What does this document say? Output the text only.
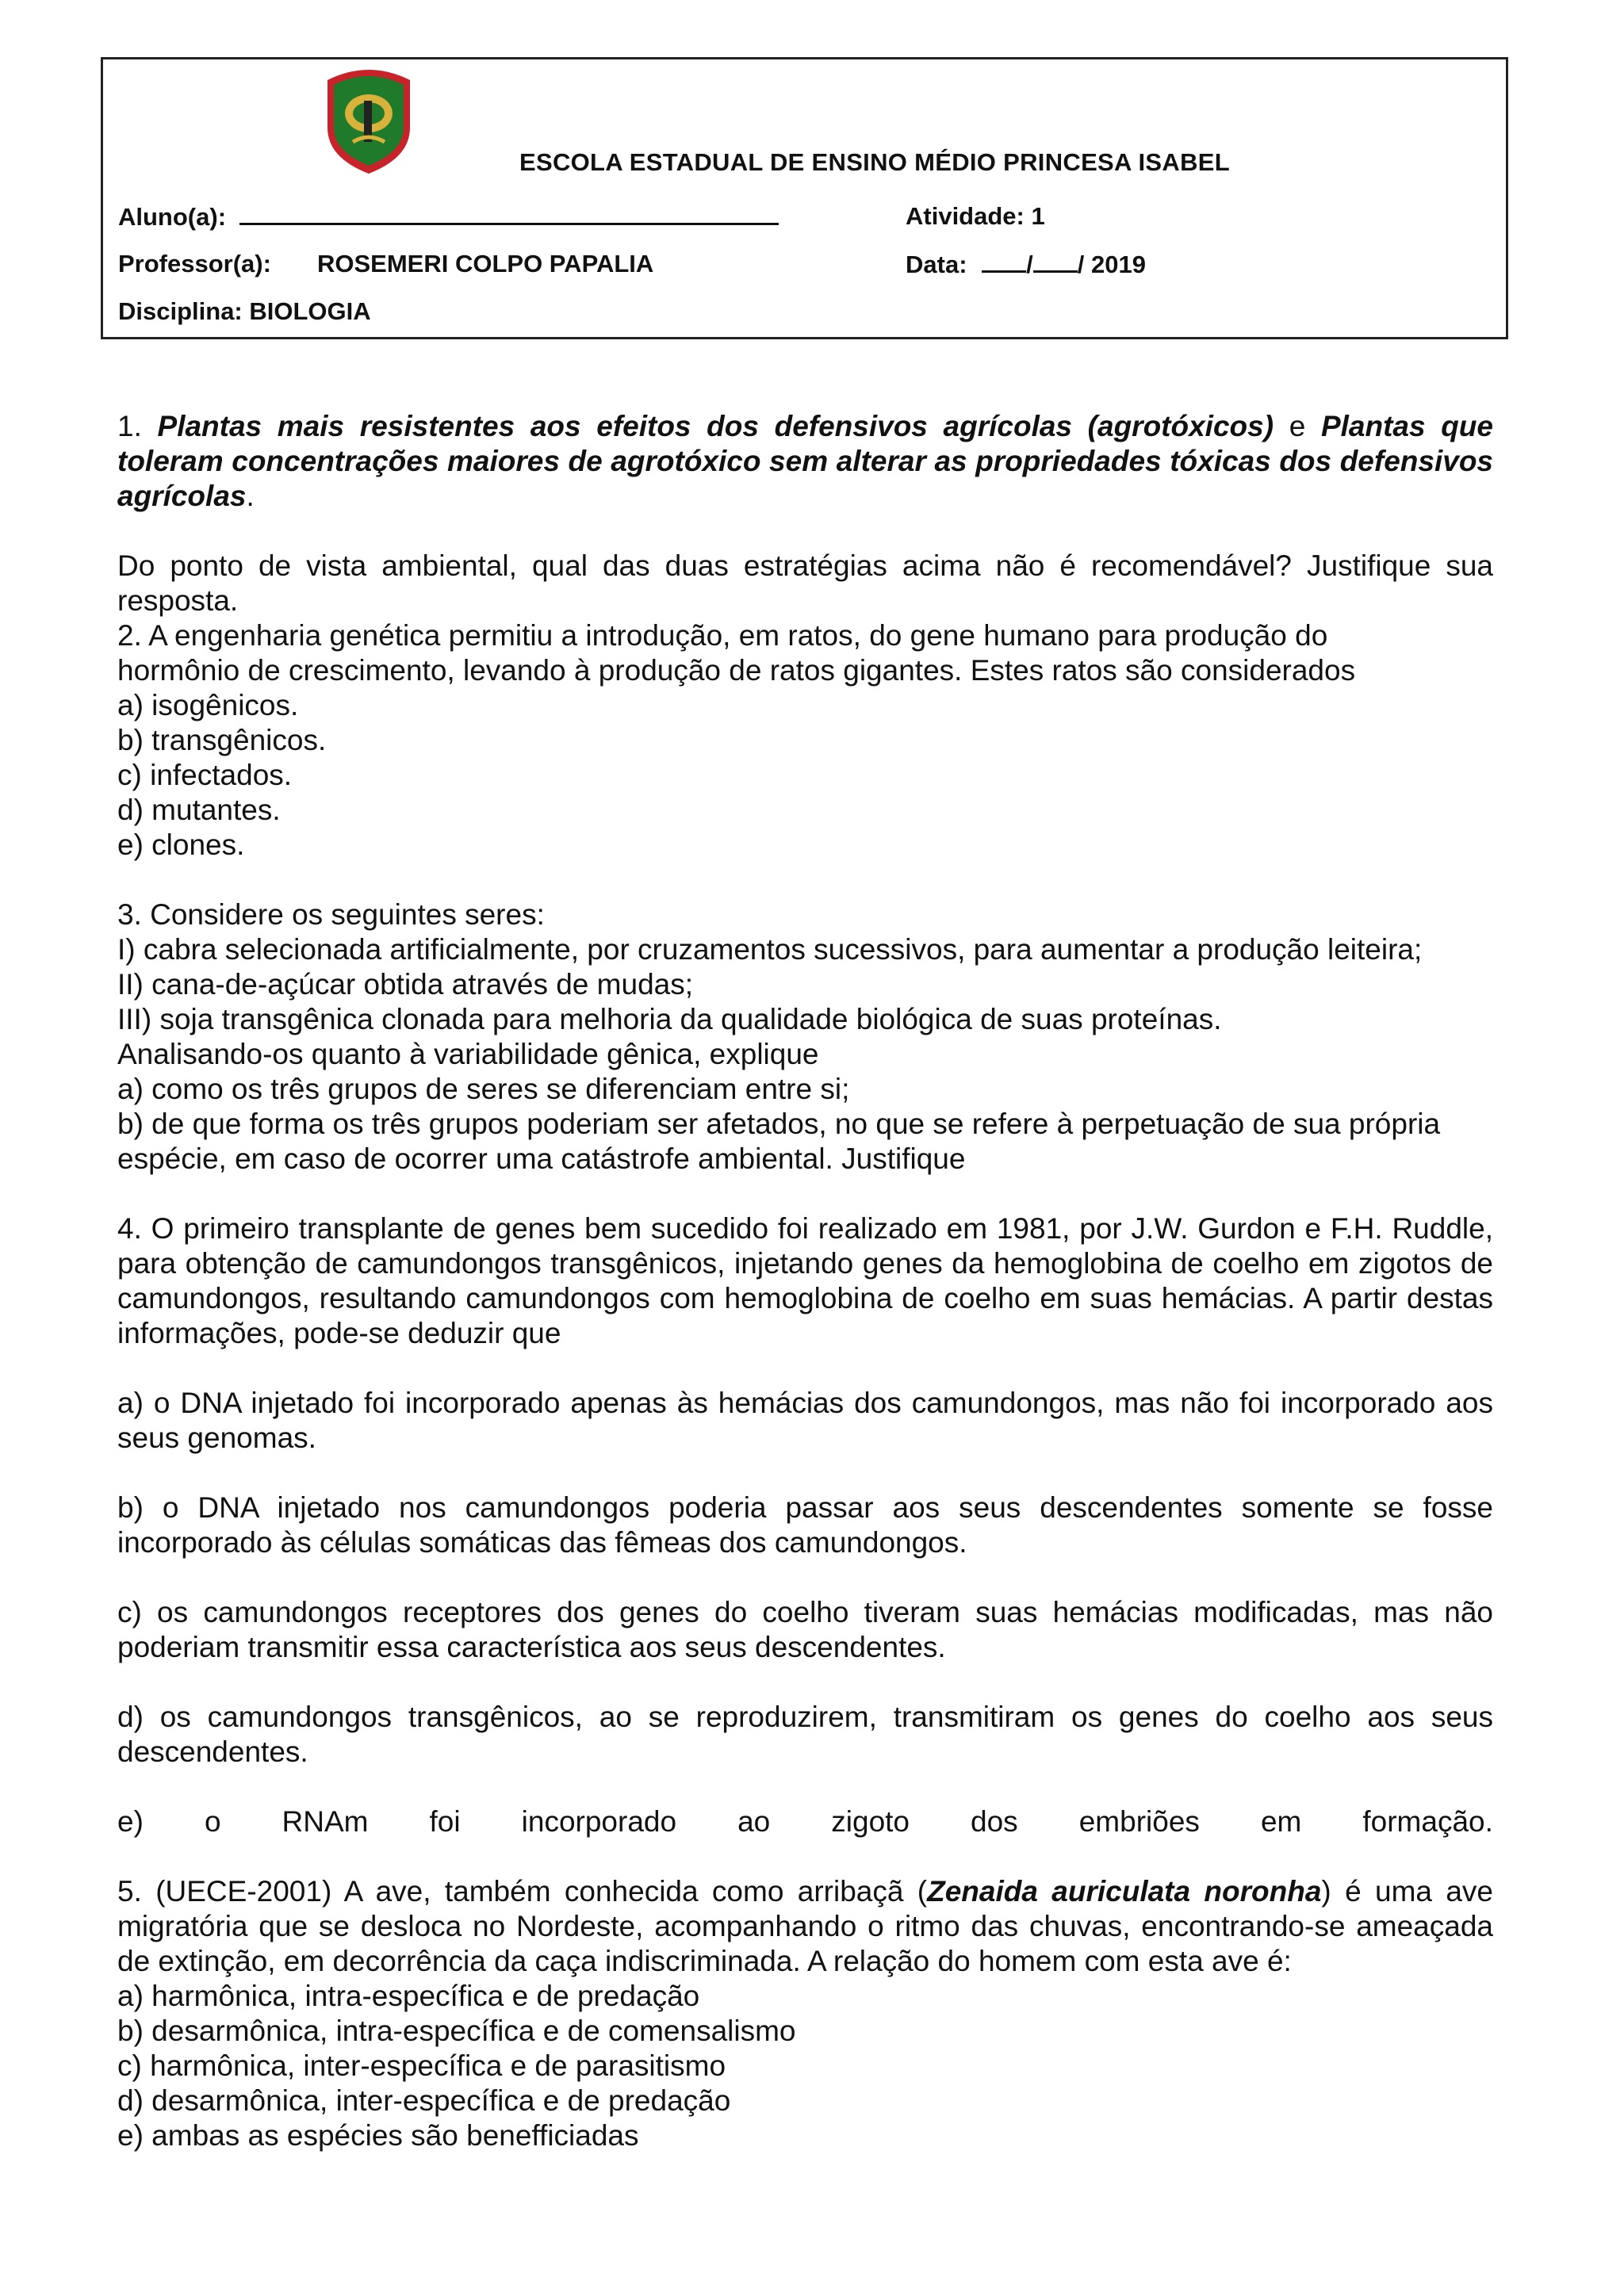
ESCOLA ESTADUAL DE ENSINO MÉDIO PRINCESA ISABEL
Aluno(a):	Atividade: 1
Professor(a): ROSEMERI COLPO PAPALIA	Data: / / 2019
Disciplina: BIOLOGIA

1. Plantas mais resistentes aos efeitos dos defensivos agrícolas (agrotóxicos) e Plantas que toleram concentrações maiores de agrotóxico sem alterar as propriedades tóxicas dos defensivos agrícolas.

Do ponto de vista ambiental, qual das duas estratégias acima não é recomendável? Justifique sua resposta.

2. A engenharia genética permitiu a introdução, em ratos, do gene humano para produção do hormônio de crescimento, levando à produção de ratos gigantes. Estes ratos são considerados

a) isogênicos.

b) transgênicos.

c) infectados.

d) mutantes.

e) clones.

3. Considere os seguintes seres:

I) cabra selecionada artificialmente, por cruzamentos sucessivos, para aumentar a produção leiteira;

II) cana-de-açúcar obtida através de mudas;

III) soja transgênica clonada para melhoria da qualidade biológica de suas proteínas.

Analisando-os quanto à variabilidade gênica, explique

a) como os três grupos de seres se diferenciam entre si;

b) de que forma os três grupos poderiam ser afetados, no que se refere à perpetuação de sua própria espécie, em caso de ocorrer uma catástrofe ambiental. Justifique

4. O primeiro transplante de genes bem sucedido foi realizado em 1981, por J.W. Gurdon e F.H. Ruddle, para obtenção de camundongos transgênicos, injetando genes da hemoglobina de coelho em zigotos de camundongos, resultando camundongos com hemoglobina de coelho em suas hemácias. A partir destas informações, pode-se deduzir que

a) o DNA injetado foi incorporado apenas às hemácias dos camundongos, mas não foi incorporado aos seus genomas.

b) o DNA injetado nos camundongos poderia passar aos seus descendentes somente se fosse incorporado às células somáticas das fêmeas dos camundongos.

c) os camundongos receptores dos genes do coelho tiveram suas hemácias modificadas, mas não poderiam transmitir essa característica aos seus descendentes.

d) os camundongos transgênicos, ao se reproduzirem, transmitiram os genes do coelho aos seus descendentes.

e) o RNAm foi incorporado ao zigoto dos embriões em formação.

5. (UECE-2001) A ave, também conhecida como arribaçã (Zenaida auriculata noronha) é uma ave migratória que se desloca no Nordeste, acompanhando o ritmo das chuvas, encontrando-se ameaçada de extinção, em decorrência da caça indiscriminada. A relação do homem com esta ave é:

a) harmônica, intra-específica e de predação

b) desarmônica, intra-específica e de comensalismo

c) harmônica, inter-específica e de parasitismo

d) desarmônica, inter-específica e de predação

e) ambas as espécies são benefficiadas
